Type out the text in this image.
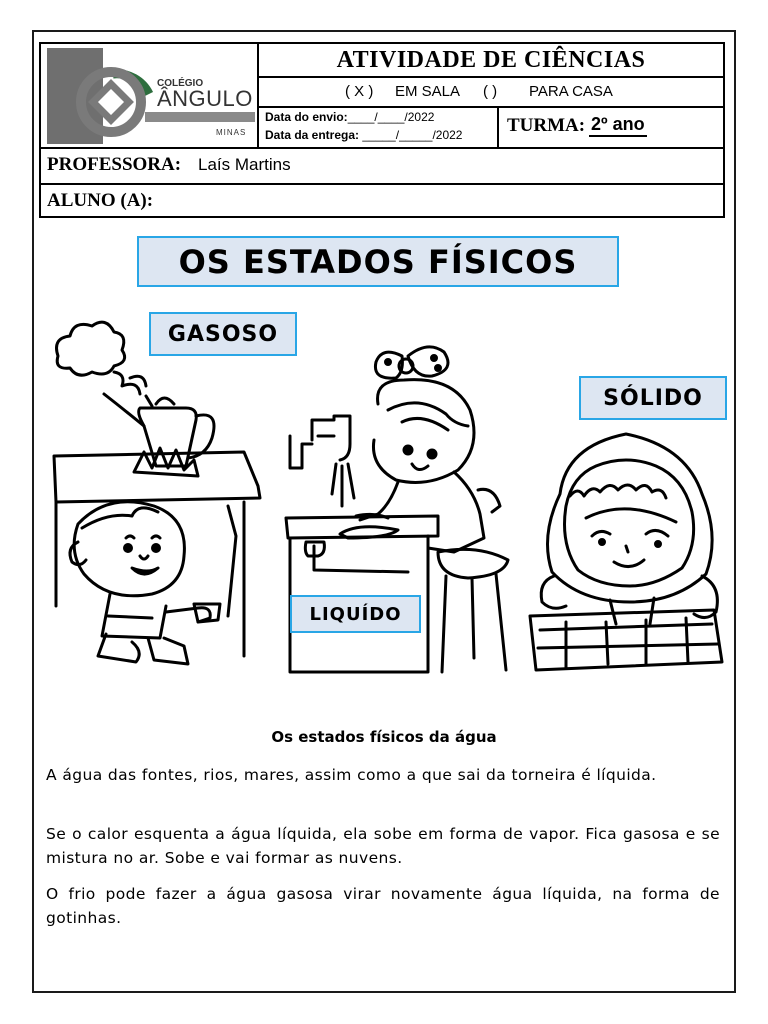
COLÉGIO
ÂNGULO
MINAS
ATIVIDADE DE CIÊNCIAS
( X ) EM SALA ( ) PARA CASA
Data do envio:____/____/2022
Data da entrega: _____/_____/2022 TURMA: 2º ano
PROFESSORA: Laís Martins
ALUNO (A):
OS ESTADOS FÍSICOS
GASOSO
LIQUÍDO
SÓLIDO
Os estados físicos da água
A água das fontes, rios, mares, assim como a que sai da torneira é líquida.
Se o calor esquenta a água líquida, ela sobe em forma de vapor. Fica gasosa e se mistura no ar. Sobe e vai formar as nuvens.
O frio pode fazer a água gasosa virar novamente água líquida, na forma de gotinhas.
